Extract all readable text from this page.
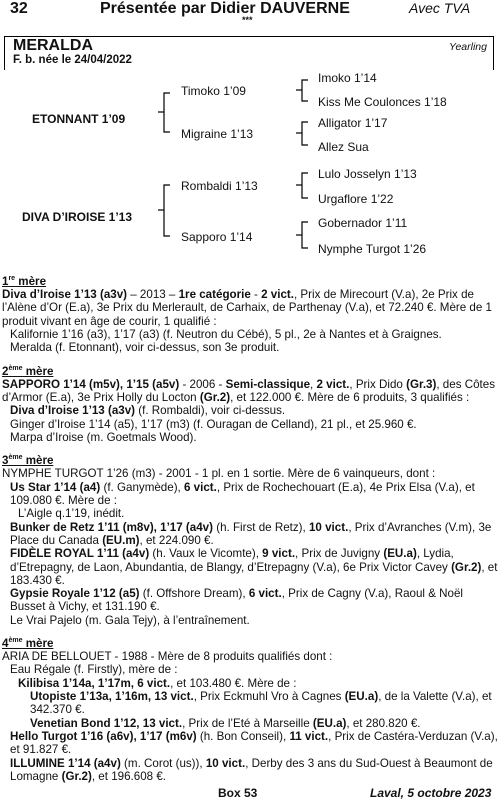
32	Présentée par Didier DAUVERNE	Avec TVA
***
MERALDA
F. b. née le 24/04/2022
Yearling
ETONNANT 1’09
DIVA D’IROISE 1’13
Timoko 1’09
Migraine 1’13
Rombaldi 1’13
Sapporo 1’14
Imoko 1’14
Kiss Me Coulonces 1’18
Alligator 1’17
Allez Sua
Lulo Josselyn 1’13
Urgaflore 1’22
Gobernador 1’11
Nymphe Turgot 1’26
1re mère

Diva d’Iroise 1’13 (a3v) – 2013 – 1re catégorie - 2 vict., Prix de Mirecourt (V.a), 2e Prix de l’Alène d’Or (E.a), 3e Prix du Merlerault, de Carhaix, de Parthenay (V.a), et 72.240 €. Mère de 1 produit vivant en âge de courir, 1 qualifié :

Kalifornie 1’16 (a3), 1’17 (a3) (f. Neutron du Cébé), 5 pl., 2e à Nantes et à Graignes.

Meralda (f. Etonnant), voir ci-dessus, son 3e produit.

2ème mère

SAPPORO 1’14 (m5v), 1’15 (a5v) - 2006 - Semi-classique, 2 vict., Prix Dido (Gr.3), des Côtes d’Armor (E.a), 3e Prix Holly du Locton (Gr.2), et 122.000 €. Mère de 6 produits, 3 qualifiés :

Diva d’Iroise 1’13 (a3v) (f. Rombaldi), voir ci-dessus.

Ginger d’Iroise 1’14 (a5), 1’17 (m3) (f. Ouragan de Celland), 21 pl., et 25.960 €.

Marpa d’Iroise (m. Goetmals Wood).

3ème mère

NYMPHE TURGOT 1’26 (m3) - 2001 - 1 pl. en 1 sortie. Mère de 6 vainqueurs, dont :

Us Star 1’14 (a4) (f. Ganymède), 6 vict., Prix de Rochechouart (E.a), 4e Prix Elsa (V.a), et 109.080 €. Mère de :

L’Aigle q.1’19, inédit.

Bunker de Retz 1’11 (m8v), 1’17 (a4v) (h. First de Retz), 10 vict., Prix d’Avranches (V.m), 3e Place du Canada (EU.m), et 224.090 €.

FIDÈLE ROYAL 1’11 (a4v) (h. Vaux le Vicomte), 9 vict., Prix de Juvigny (EU.a), Lydia, d’Etrepagny, de Laon, Abundantia, de Blangy, d’Etrepagny (V.a), 6e Prix Victor Cavey (Gr.2), et 183.430 €.

Gypsie Royale 1’12 (a5) (f. Offshore Dream), 6 vict., Prix de Cagny (V.a), Raoul & Noël Busset à Vichy, et 131.190 €.

Le Vrai Pajelo (m. Gala Tejy), à l’entraînement.

4ème mère

ARIA DE BELLOUET - 1988 - Mère de 8 produits qualifiés dont :

Eau Régale (f. Firstly), mère de :

Kilibisa 1’14a, 1’17m, 6 vict., et 103.480 €. Mère de :

Utopiste 1’13a, 1’16m, 13 vict., Prix Eckmuhl Vro à Cagnes (EU.a), de la Valette (V.a), et 342.370 €.

Venetian Bond 1’12, 13 vict., Prix de l’Eté à Marseille (EU.a), et 280.820 €.

Hello Turgot 1’16 (a6v), 1’17 (m6v) (h. Bon Conseil), 11 vict., Prix de Castéra-Verduzan (V.a), et 91.827 €.

ILLUMINE 1’14 (a4v) (m. Corot (us)), 10 vict., Derby des 3 ans du Sud-Ouest à Beaumont de Lomagne (Gr.2), et 196.608 €.

Box 53	Laval, 5 octobre 2023
